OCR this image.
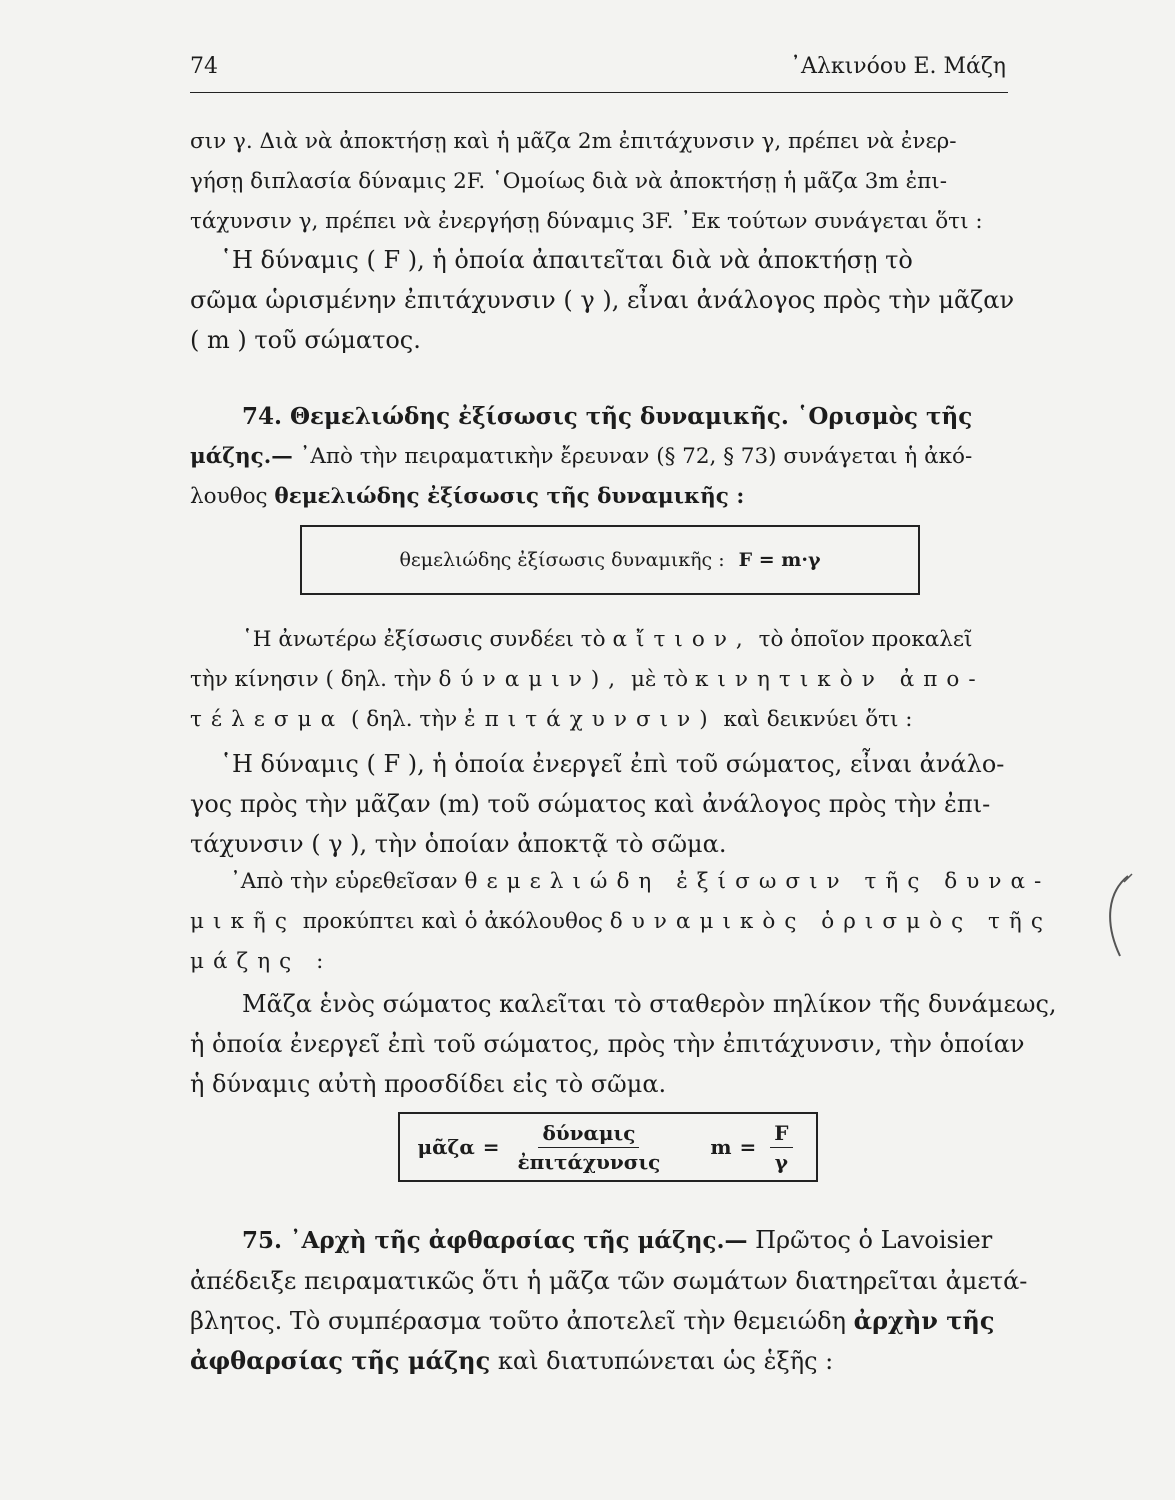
74	᾿Αλκινόου Ε. Μάζη
σιν γ. Διὰ νὰ ἀποκτήσῃ καὶ ἡ μᾶζα 2m ἐπιτάχυνσιν γ, πρέπει νὰ ἐνερ-
γήσῃ διπλασία δύναμις 2F. ῾Ομοίως διὰ νὰ ἀποκτήσῃ ἡ μᾶζα 3m ἐπι-
τάχυνσιν γ, πρέπει νὰ ἐνεργήσῃ δύναμις 3F. ᾿Εκ τούτων συνάγεται ὅτι :
῾Η δύναμις ( F ), ἡ ὁποία ἀπαιτεῖται διὰ νὰ ἀποκτήσῃ τὸ
σῶμα ὡρισμένην ἐπιτάχυνσιν ( γ ), εἶναι ἀνάλογος πρὸς τὴν μᾶζαν
( m ) τοῦ σώματος.
74. Θεμελιώδης ἐξίσωσις τῆς δυναμικῆς. ῾Ορισμὸς τῆς
μάζης.— ᾿Απὸ τὴν πειραματικὴν ἔρευναν (§ 72, § 73) συνάγεται ἡ ἀκό-
λουθος θεμελιώδης ἐξίσωσις τῆς δυναμικῆς :
θεμελιώδης ἐξίσωσις δυναμικῆς : F = m·γ
῾Η ἀνωτέρω ἐξίσωσις συνδέει τὸ αἴτιον, τὸ ὁποῖον προκαλεῖ
τὴν κίνησιν ( δηλ. τὴν δύναμιν), μὲ τὸ κινητικὸν ἀπο-
τέλεσμα ( δηλ. τὴν ἐπιτάχυνσιν) καὶ δεικνύει ὅτι :
῾Η δύναμις ( F ), ἡ ὁποία ἐνεργεῖ ἐπὶ τοῦ σώματος, εἶναι ἀνάλο-
γος πρὸς τὴν μᾶζαν (m) τοῦ σώματος καὶ ἀνάλογος πρὸς τὴν ἐπι-
τάχυνσιν ( γ ), τὴν ὁποίαν ἀποκτᾷ τὸ σῶμα.
᾿Απὸ τὴν εὑρεθεῖσαν θεμελιώδη ἐξίσωσιν τῆς δυνα-
μικῆς προκύπτει καὶ ὁ ἀκόλουθος δυναμικὸς ὁρισμὸς τῆς
μάζης :
Μᾶζα ἑνὸς σώματος καλεῖται τὸ σταθερὸν πηλίκον τῆς δυνάμεως,
ἡ ὁποία ἐνεργεῖ ἐπὶ τοῦ σώματος, πρὸς τὴν ἐπιτάχυνσιν, τὴν ὁποίαν
ἡ δύναμις αὐτὴ προσδίδει εἰς τὸ σῶμα.
μᾶζα = $\frac{\text{δύναμις}}{\text{ἐπιτάχυνσις}}$ $m = \frac{F}{\gamma}$
75. ᾿Αρχὴ τῆς ἀφθαρσίας τῆς μάζης.— Πρῶτος ὁ Lavoisier
ἀπέδειξε πειραματικῶς ὅτι ἡ μᾶζα τῶν σωμάτων διατηρεῖται ἀμετά-
βλητος. Τὸ συμπέρασμα τοῦτο ἀποτελεῖ τὴν θεμειώδη ἀρχὴν τῆς
ἀφθαρσίας τῆς μάζης καὶ διατυπώνεται ὡς ἑξῆς :
